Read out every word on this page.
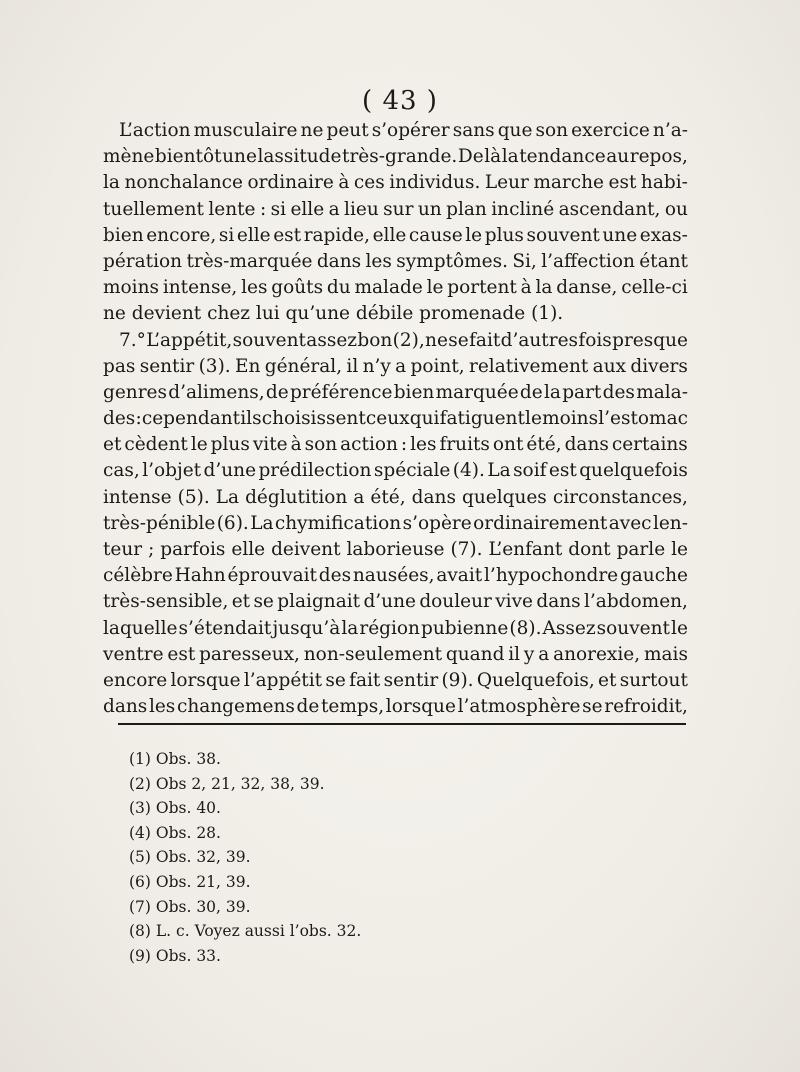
( 43 )
L’action musculaire ne peut s’opérer sans que son exercice n’a-
mène bientôt une lassitude très-grande. De là la tendance au repos,
la nonchalance ordinaire à ces individus. Leur marche est habi-
tuellement lente : si elle a lieu sur un plan incliné ascendant, ou
bien encore, si elle est rapide, elle cause le plus souvent une exas-
pération très-marquée dans les symptômes. Si, l’affection étant
moins intense, les goûts du malade le portent à la danse, celle-ci
ne devient chez lui qu’une débile promenade (1).
7.° L’appétit, souvent assez bon (2), ne se fait d’autres fois presque
pas sentir (3). En général, il n’y a point, relativement aux divers
genres d’alimens, de préférence bien marquée de la part des mala-
des : cependant ils choisissent ceux qui fatiguent le moins l’estomac
et cèdent le plus vite à son action : les fruits ont été, dans certains
cas, l’objet d’une prédilection spéciale (4). La soif est quelquefois
intense (5). La déglutition a été, dans quelques circonstances,
très-pénible (6). La chymification s’opère ordinairement avec len-
teur ; parfois elle deivent laborieuse (7). L’enfant dont parle le
célèbre Hahn éprouvait des nausées, avait l’hypochondre gauche
très-sensible, et se plaignait d’une douleur vive dans l’abdomen,
laquelle s’étendait jusqu’à la région pubienne (8). Assez souvent le
ventre est paresseux, non-seulement quand il y a anorexie, mais
encore lorsque l’appétit se fait sentir (9). Quelquefois, et surtout
dans les changemens de temps, lorsque l’atmosphère se refroidit,
(1) Obs. 38.
(2) Obs 2, 21, 32, 38, 39.
(3) Obs. 40.
(4) Obs. 28.
(5) Obs. 32, 39.
(6) Obs. 21, 39.
(7) Obs. 30, 39.
(8) L. c. Voyez aussi l’obs. 32.
(9) Obs. 33.
